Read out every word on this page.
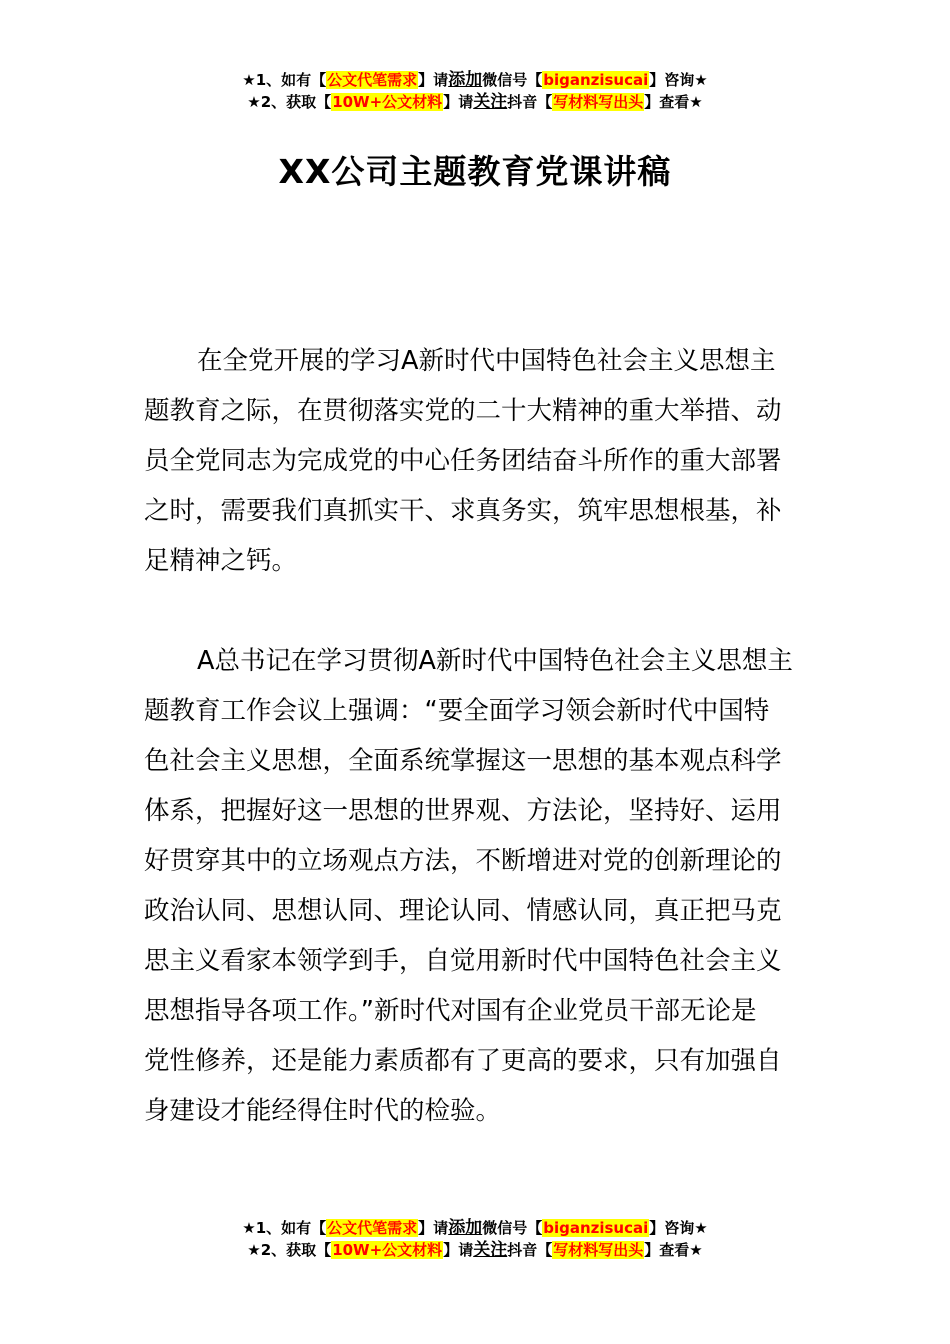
★1、如有【公文代笔需求】请添加微信号【biganzisucai】咨询★
★2、获取【10W+公文材料】请关注抖音【写材料写出头】查看★
XX公司主题教育党课讲稿
在全党开展的学习A新时代中国特色社会主义思想主
题教育之际，在贯彻落实党的二十大精神的重大举措、动
员全党同志为完成党的中心任务团结奋斗所作的重大部署
之时，需要我们真抓实干、求真务实，筑牢思想根基，补
足精神之钙。
A总书记在学习贯彻A新时代中国特色社会主义思想主
题教育工作会议上强调：“要全面学习领会新时代中国特
色社会主义思想，全面系统掌握这一思想的基本观点科学
体系，把握好这一思想的世界观、方法论，坚持好、运用
好贯穿其中的立场观点方法，不断增进对党的创新理论的
政治认同、思想认同、理论认同、情感认同，真正把马克
思主义看家本领学到手，自觉用新时代中国特色社会主义
思想指导各项工作。”新时代对国有企业党员干部无论是
党性修养，还是能力素质都有了更高的要求，只有加强自
身建设才能经得住时代的检验。
★1、如有【公文代笔需求】请添加微信号【biganzisucai】咨询★
★2、获取【10W+公文材料】请关注抖音【写材料写出头】查看★
